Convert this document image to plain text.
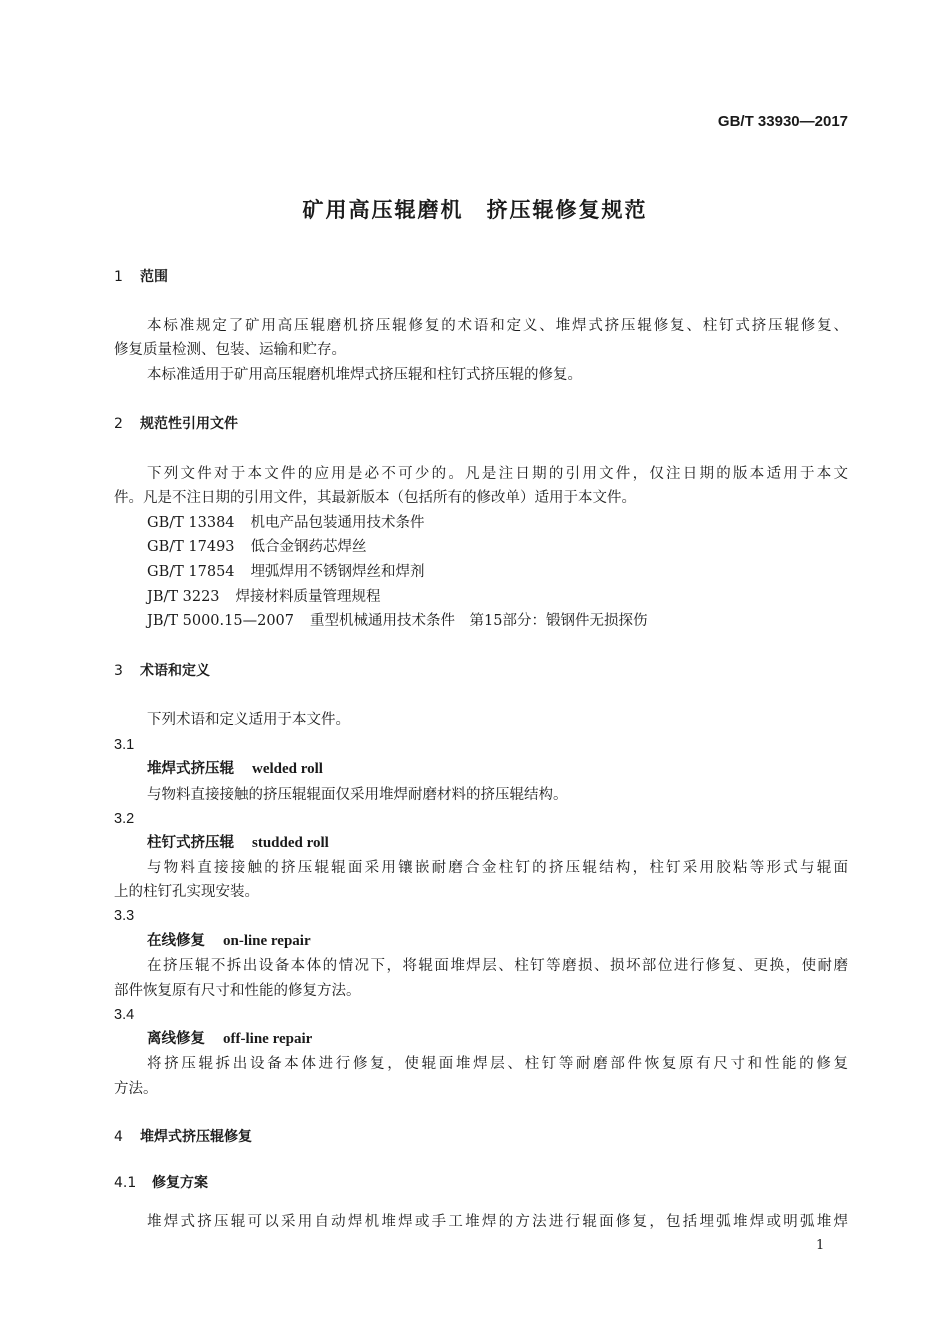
GB/T 33930—2017
矿用高压辊磨机　挤压辊修复规范
1 范围
本标准规定了矿用高压辊磨机挤压辊修复的术语和定义、堆焊式挤压辊修复、柱钉式挤压辊修复、
修复质量检测、包装、运输和贮存。
本标准适用于矿用高压辊磨机堆焊式挤压辊和柱钉式挤压辊的修复。
2 规范性引用文件
下列文件对于本文件的应用是必不可少的。凡是注日期的引用文件，仅注日期的版本适用于本文
件。凡是不注日期的引用文件，其最新版本（包括所有的修改单）适用于本文件。
GB/T 13384 机电产品包装通用技术条件
GB/T 17493 低合金钢药芯焊丝
GB/T 17854 埋弧焊用不锈钢焊丝和焊剂
JB/T 3223 焊接材料质量管理规程
JB/T 5000.15—2007 重型机械通用技术条件　第15部分：锻钢件无损探伤
3 术语和定义
下列术语和定义适用于本文件。
3.1
堆焊式挤压辊 welded roll
与物料直接接触的挤压辊辊面仅采用堆焊耐磨材料的挤压辊结构。
3.2
柱钉式挤压辊 studded roll
与物料直接接触的挤压辊辊面采用镶嵌耐磨合金柱钉的挤压辊结构，柱钉采用胶粘等形式与辊面
上的柱钉孔实现安装。
3.3
在线修复 on-line repair
在挤压辊不拆出设备本体的情况下，将辊面堆焊层、柱钉等磨损、损坏部位进行修复、更换，使耐磨
部件恢复原有尺寸和性能的修复方法。
3.4
离线修复 off-line repair
将挤压辊拆出设备本体进行修复，使辊面堆焊层、柱钉等耐磨部件恢复原有尺寸和性能的修复
方法。
4 堆焊式挤压辊修复
4.1 修复方案
堆焊式挤压辊可以采用自动焊机堆焊或手工堆焊的方法进行辊面修复，包括埋弧堆焊或明弧堆焊
1
